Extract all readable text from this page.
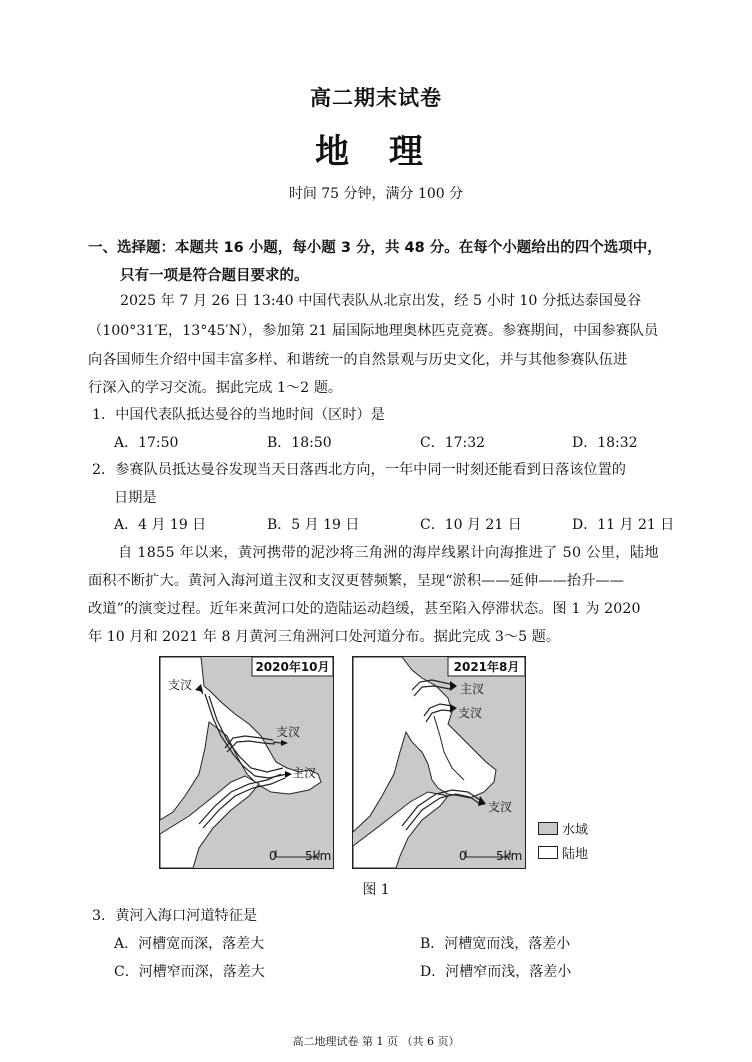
高二期末试卷
地 理
时间 75 分钟，满分 100 分
一、选择题：本题共 16 小题，每小题 3 分，共 48 分。在每个小题给出的四个选项中，
只有一项是符合题目要求的。
2025 年 7 月 26 日 13:40 中国代表队从北京出发，经 5 小时 10 分抵达泰国曼谷
（100°31′E，13°45′N），参加第 21 届国际地理奥林匹克竞赛。参赛期间，中国参赛队员
向各国师生介绍中国丰富多样、和谐统一的自然景观与历史文化，并与其他参赛队伍进
行深入的学习交流。据此完成 1～2 题。
1．中国代表队抵达曼谷的当地时间（区时）是
A．17:50	B．18:50	C．17:32	D．18:32
2．参赛队员抵达曼谷发现当天日落西北方向，一年中同一时刻还能看到日落该位置的
日期是
A．4 月 19 日	B．5 月 19 日	C．10 月 21 日	D．11 月 21 日
自 1855 年以来，黄河携带的泥沙将三角洲的海岸线累计向海推进了 50 公里，陆地
面积不断扩大。黄河入海河道主汊和支汊更替频繁，呈现“淤积——延伸——抬升——
改道”的演变过程。近年来黄河口处的造陆运动趋缓，甚至陷入停滞状态。图 1 为 2020
年 10 月和 2021 年 8 月黄河三角洲河口处河道分布。据此完成 3～5 题。
2020年10月
支汊
支汊
主汊
0 5km
2021年8月
主汊
支汊
支汊
0 5km
水域
陆地
图 1
3．黄河入海口河道特征是
A．河槽宽而深，落差大	B．河槽宽而浅，落差小
C．河槽窄而深，落差大	D．河槽窄而浅，落差小
高二地理试卷 第 1 页 （共 6 页）
